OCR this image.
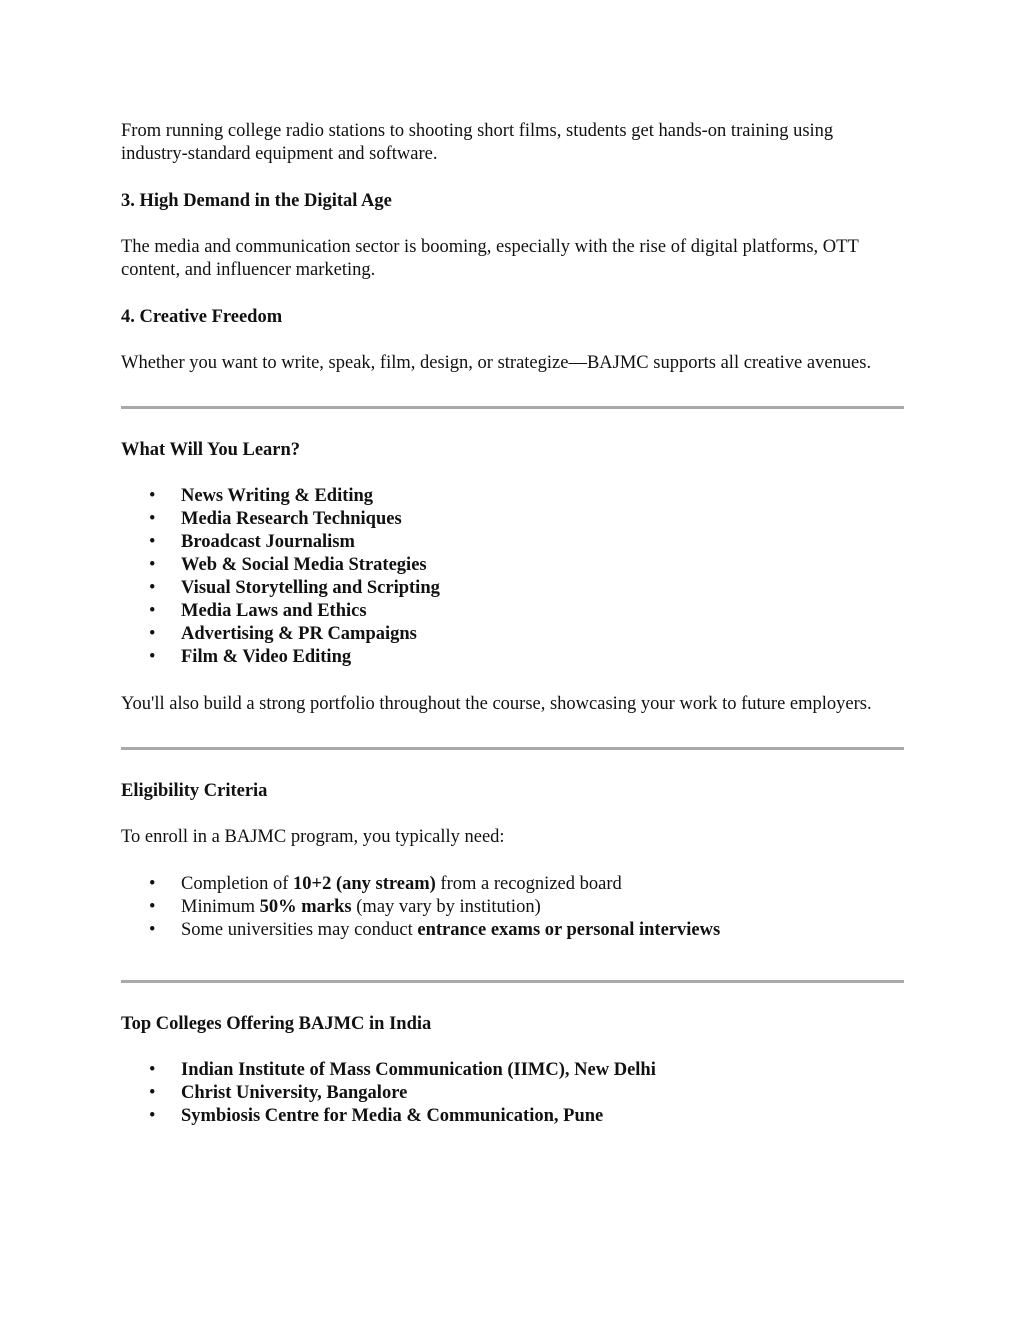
From running college radio stations to shooting short films, students get hands-on training using industry-standard equipment and software.

3. High Demand in the Digital Age

The media and communication sector is booming, especially with the rise of digital platforms, OTT content, and influencer marketing.

4. Creative Freedom

Whether you want to write, speak, film, design, or strategize—BAJMC supports all creative avenues.

What Will You Learn?

• News Writing & Editing
• Media Research Techniques
• Broadcast Journalism
• Web & Social Media Strategies
• Visual Storytelling and Scripting
• Media Laws and Ethics
• Advertising & PR Campaigns
• Film & Video Editing

You'll also build a strong portfolio throughout the course, showcasing your work to future employers.

Eligibility Criteria

To enroll in a BAJMC program, you typically need:

• Completion of 10+2 (any stream) from a recognized board
• Minimum 50% marks (may vary by institution)
• Some universities may conduct entrance exams or personal interviews

Top Colleges Offering BAJMC in India

• Indian Institute of Mass Communication (IIMC), New Delhi
• Christ University, Bangalore
• Symbiosis Centre for Media & Communication, Pune
